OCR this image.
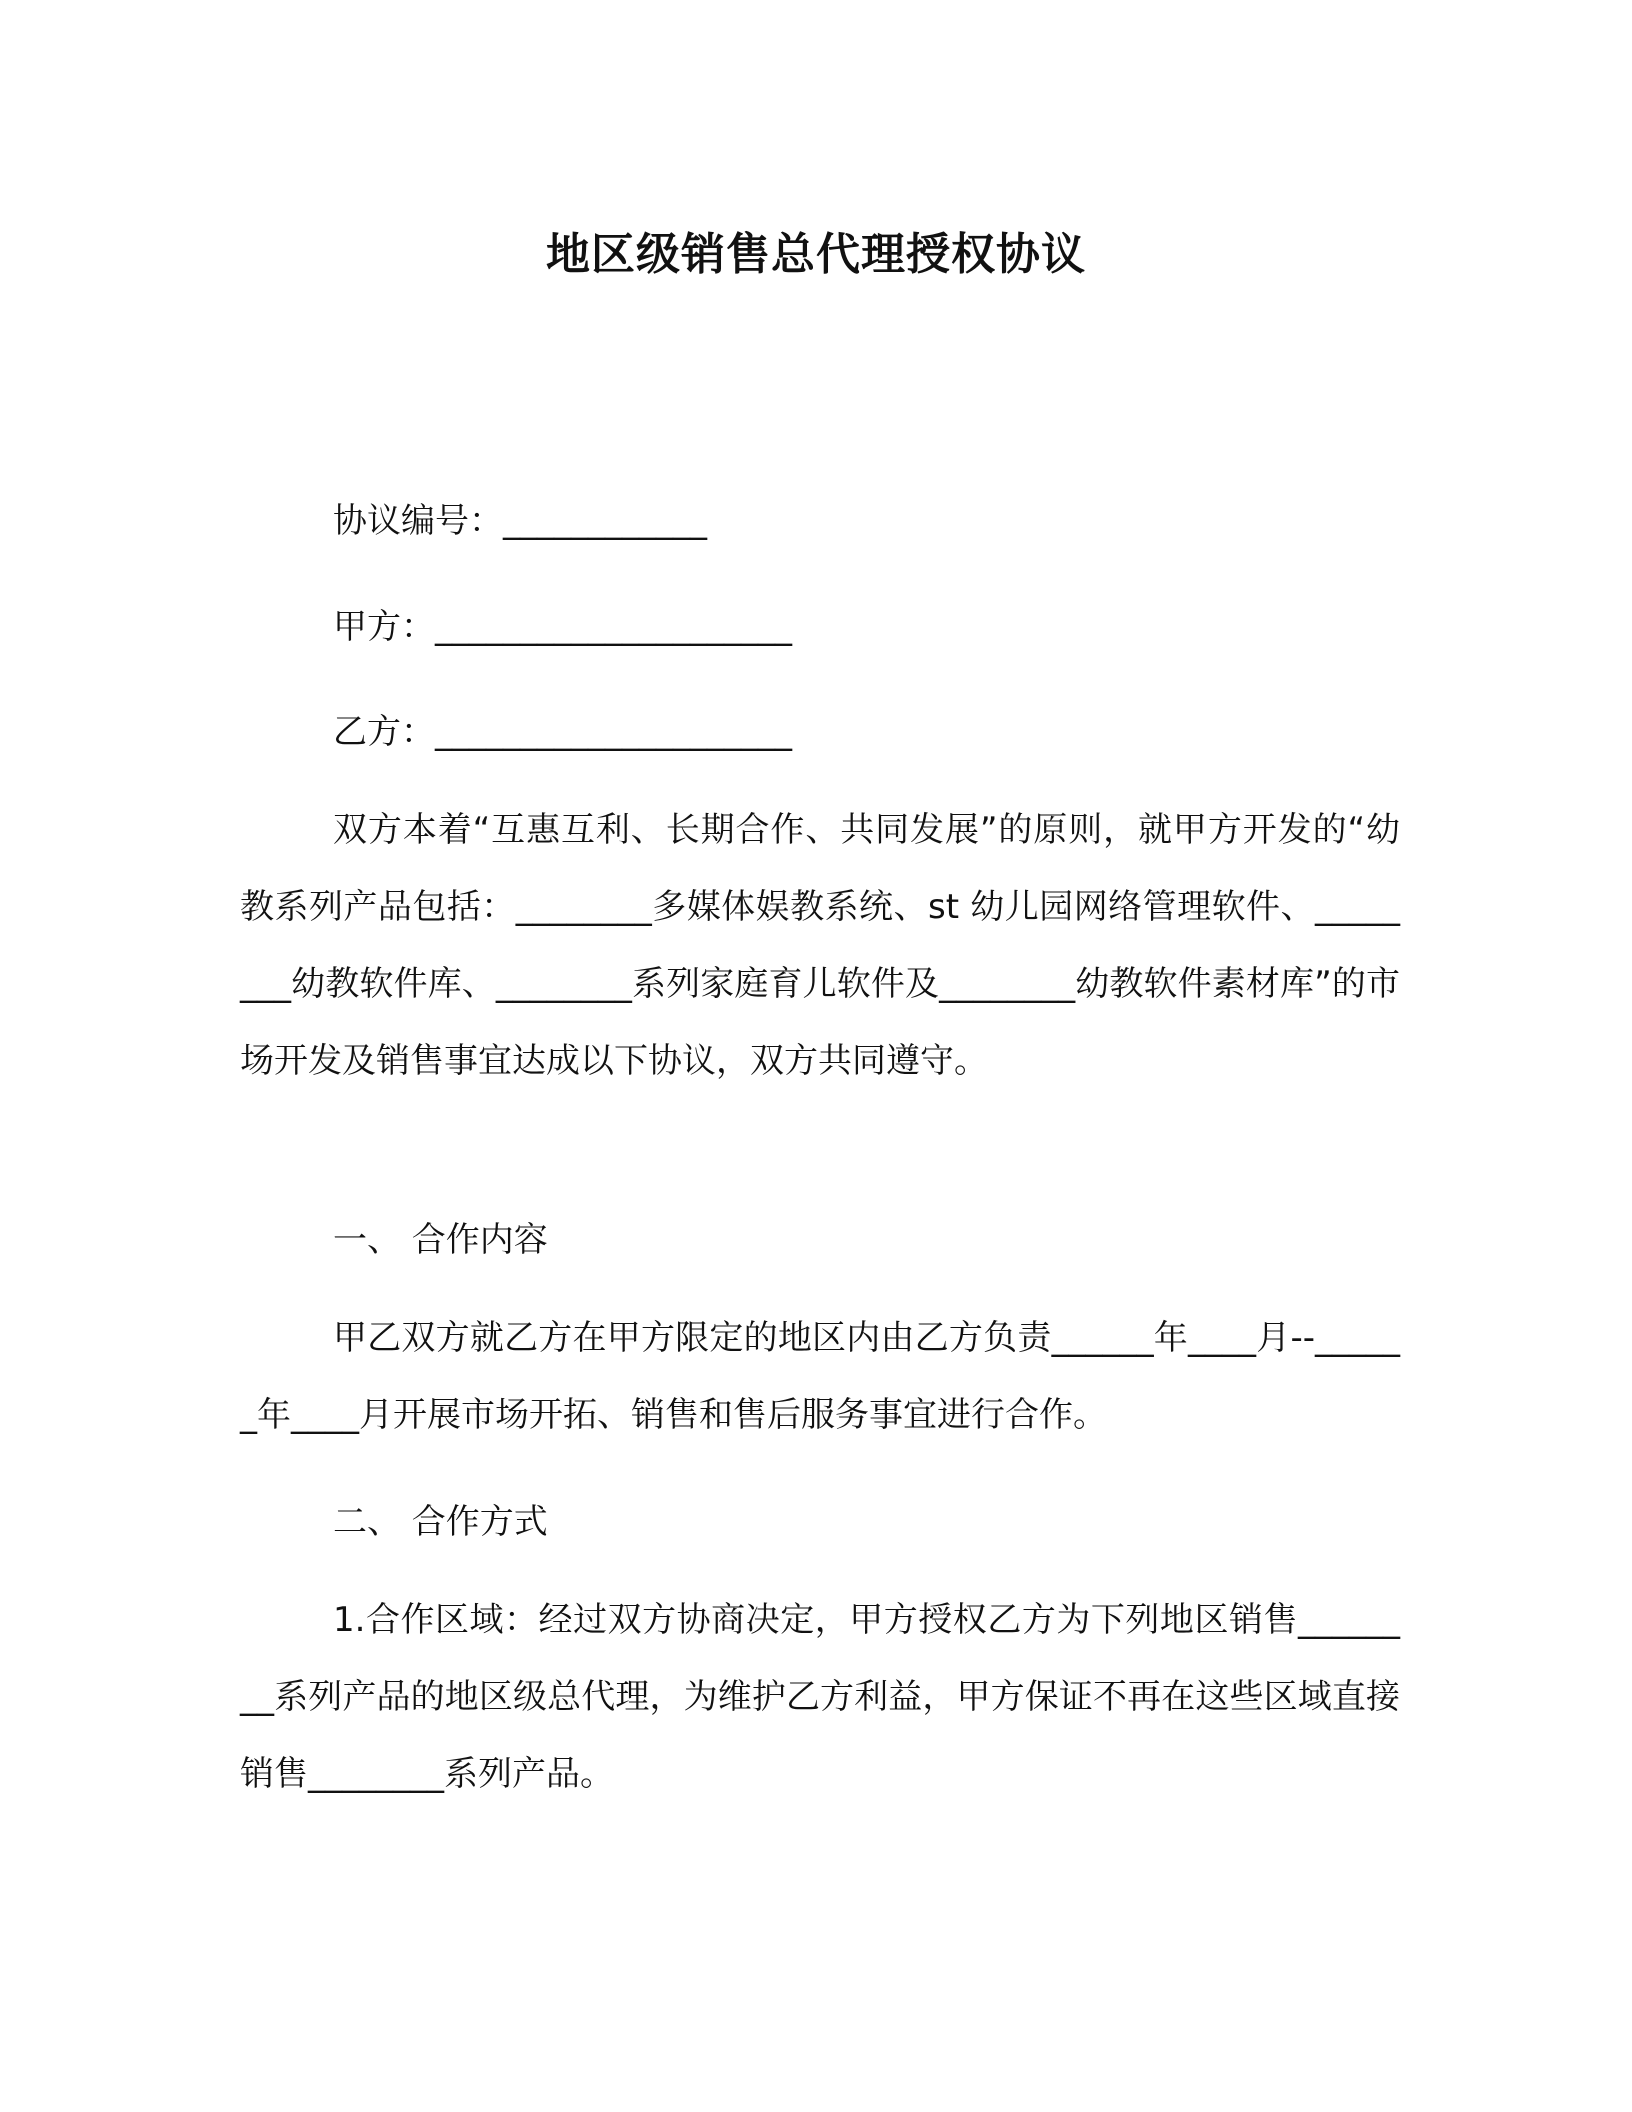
地区级销售总代理授权协议

协议编号：____________

甲方：_____________________

乙方：_____________________

双方本着“互惠互利、长期合作、共同发展”的原则，就甲方开发的“幼教系列产品包括：________多媒体娱教系统、st 幼儿园网络管理软件、________幼教软件库、________系列家庭育儿软件及________幼教软件素材库”的市场开发及销售事宜达成以下协议，双方共同遵守。

一、 合作内容

甲乙双方就乙方在甲方限定的地区内由乙方负责______年____月--______年____月开展市场开拓、销售和售后服务事宜进行合作。

二、 合作方式

1.合作区域：经过双方协商决定，甲方授权乙方为下列地区销售________系列产品的地区级总代理，为维护乙方利益，甲方保证不再在这些区域直接销售________系列产品。
